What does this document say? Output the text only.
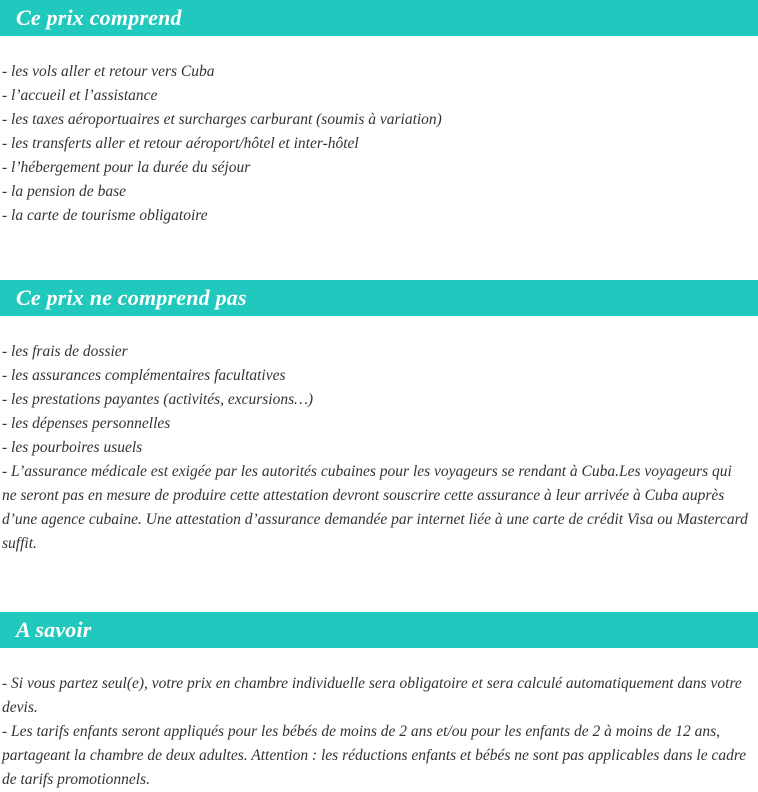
Ce prix comprend

- les vols aller et retour vers Cuba

- l’accueil et l’assistance

- les taxes aéroportuaires et surcharges carburant (soumis à variation)

- les transferts aller et retour aéroport/hôtel et inter-hôtel

- l’hébergement pour la durée du séjour

- la pension de base

- la carte de tourisme obligatoire

Ce prix ne comprend pas

- les frais de dossier

- les assurances complémentaires facultatives

- les prestations payantes (activités, excursions…)

- les dépenses personnelles

- les pourboires usuels

- L’assurance médicale est exigée par les autorités cubaines pour les voyageurs se rendant à Cuba.Les voyageurs qui ne seront pas en mesure de produire cette attestation devront souscrire cette assurance à leur arrivée à Cuba auprès d’une agence cubaine. Une attestation d’assurance demandée par internet liée à une carte de crédit Visa ou Mastercard suffit.

A savoir

- Si vous partez seul(e), votre prix en chambre individuelle sera obligatoire et sera calculé automatiquement dans votre devis.

- Les tarifs enfants seront appliqués pour les bébés de moins de 2 ans et/ou pour les enfants de 2 à moins de 12 ans, partageant la chambre de deux adultes. Attention : les réductions enfants et bébés ne sont pas applicables dans le cadre de tarifs promotionnels.
